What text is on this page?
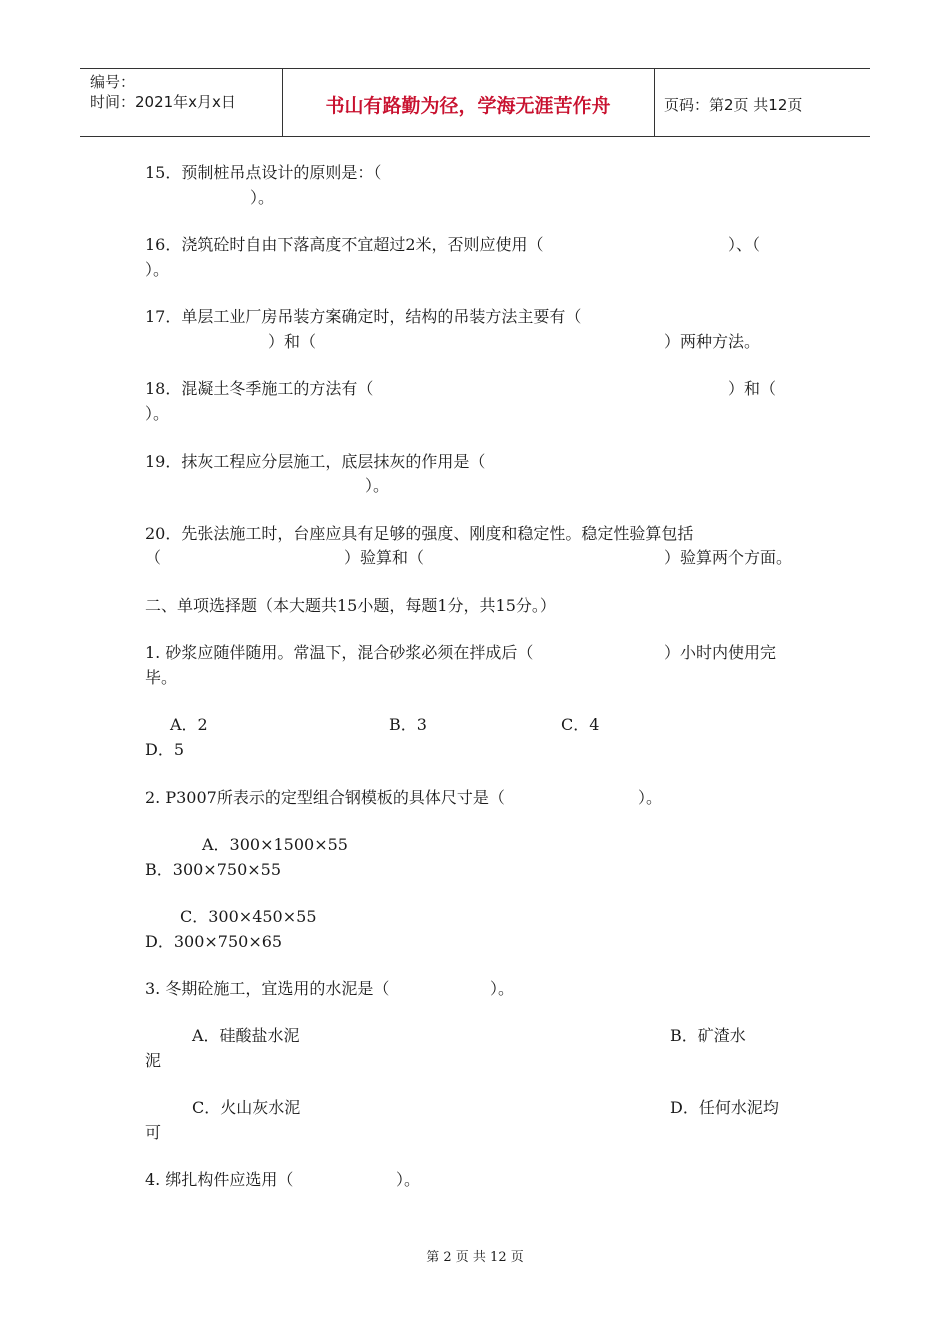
编号：
时间：2021年x月x日	书山有路勤为径，学海无涯苦作舟	页码：第2页 共12页
15．预制桩吊点设计的原则是：（
）。
16．浇筑砼时自由下落高度不宜超过2米，否则应使用（	）、（
）。
17．单层工业厂房吊装方案确定时，结构的吊装方法主要有（
）和（	）两种方法。
18．混凝土冬季施工的方法有（	）和（
）。
19．抹灰工程应分层施工，底层抹灰的作用是（
）。
20．先张法施工时，台座应具有足够的强度、刚度和稳定性。稳定性验算包括
（	）验算和（	）验算两个方面。
二、单项选择题（本大题共15小题，每题1分，共15分。）
1. 砂浆应随伴随用。常温下，混合砂浆必须在拌成后（	）小时内使用完
毕。
A．2	B．3	C．4
D．5
2. P3007所表示的定型组合钢模板的具体尺寸是（	）。
A．300×1500×55
B．300×750×55
C．300×450×55
D．300×750×65
3. 冬期砼施工，宜选用的水泥是（	）。
A．硅酸盐水泥	B．矿渣水
泥
C．火山灰水泥	D．任何水泥均
可
4. 绑扎构件应选用（	）。
第 2 页 共 12 页
